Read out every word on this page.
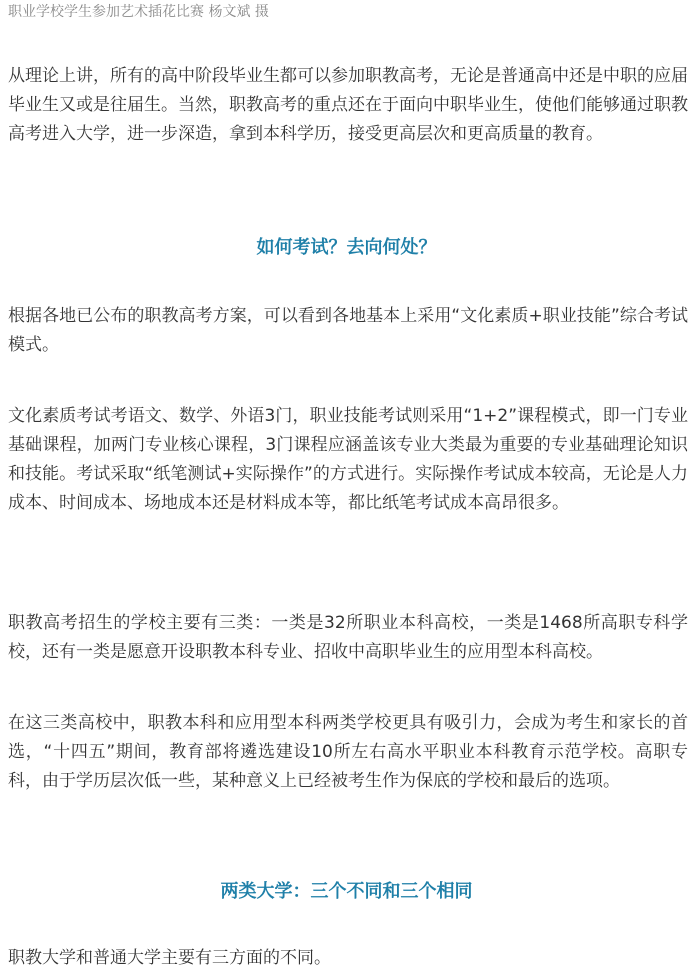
职业学校学生参加艺术插花比赛 杨文斌 摄

从理论上讲，所有的高中阶段毕业生都可以参加职教高考，无论是普通高中还是中职的应届毕业生又或是往届生。当然，职教高考的重点还在于面向中职毕业生，使他们能够通过职教高考进入大学，进一步深造，拿到本科学历，接受更高层次和更高质量的教育。

如何考试？去向何处？

根据各地已公布的职教高考方案，可以看到各地基本上采用“文化素质+职业技能”综合考试模式。

文化素质考试考语文、数学、外语3门，职业技能考试则采用“1+2”课程模式，即一门专业基础课程，加两门专业核心课程，3门课程应涵盖该专业大类最为重要的专业基础理论知识和技能。考试采取“纸笔测试+实际操作”的方式进行。实际操作考试成本较高，无论是人力成本、时间成本、场地成本还是材料成本等，都比纸笔考试成本高昂很多。

职教高考招生的学校主要有三类：一类是32所职业本科高校，一类是1468所高职专科学校，还有一类是愿意开设职教本科专业、招收中高职毕业生的应用型本科高校。

在这三类高校中，职教本科和应用型本科两类学校更具有吸引力，会成为考生和家长的首选，“十四五”期间，教育部将遴选建设10所左右高水平职业本科教育示范学校。高职专科，由于学历层次低一些，某种意义上已经被考生作为保底的学校和最后的选项。

两类大学：三个不同和三个相同

职教大学和普通大学主要有三方面的不同。
